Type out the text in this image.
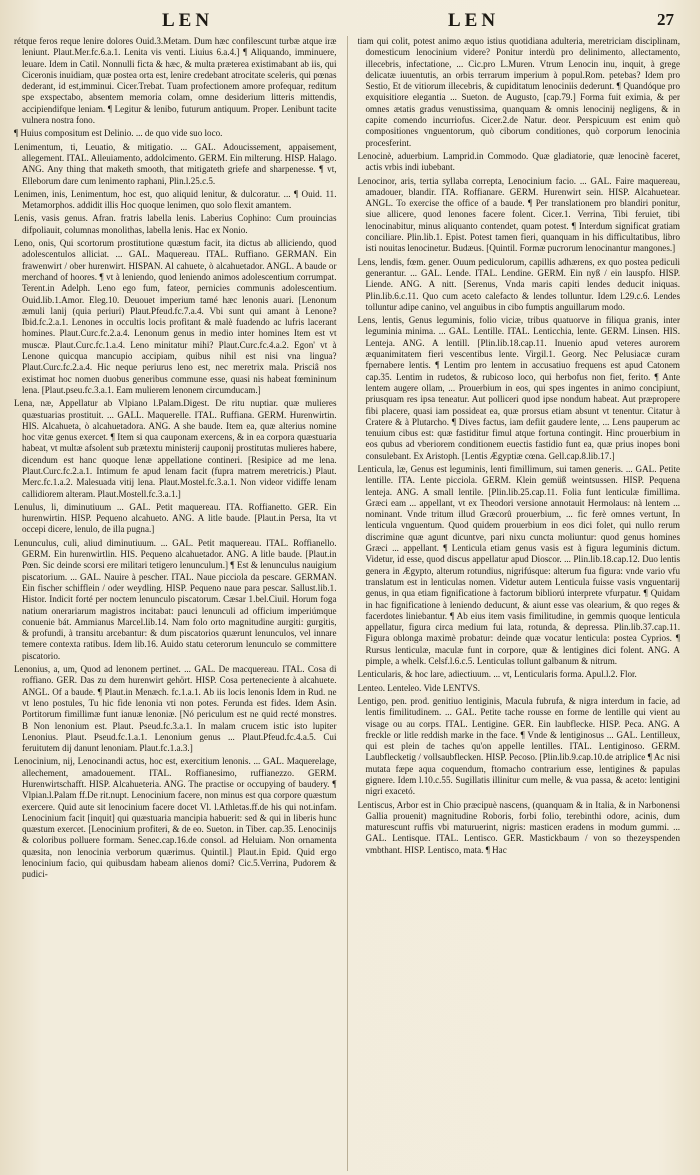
LEN	LEN	27

rétque feros reque lenire dolores Ouid.3.Metam. Dum hæc confilescunt turbæ atque iræ leniunt. Plaut.Mer.fc.6.a.1. Lenita vis venti. Liuius 6.a.4.] ¶ Aliquando, imminuere, leuare. Idem in Catil. Nonnulli ficta & hæc, & multa præterea existimabant ab iis, qui Ciceronis inuidiam, quæ postea orta est, lenire credebant atrocitate sceleris, qui pœnas dederant, id est,imminui. Cicer.Trebat. Tuam profectionem amore profequar, reditum spe exspectabo, absentem memoria colam, omne desiderium litteris mittendis, accipiendifque leniam. ¶ Legitur & lenibo, futurum antiquum. Proper. Lenibunt tacite vulnera nostra fono.

¶ Huius compositum est Delinio. ... de quo vide suo loco.

Lenimentum, ti, Leuatio, & mitigatio. ... GAL. Adoucissement, appaisement, allegement. ITAL. Alleuiamento, addolcimento. GERM. Ein milterung. HISP. Halago. ANG. Any thing that maketh smooth, that mitigateth griefe and sharpenesse. ¶ vt, Elleborum dare cum lenimento raphani, Plin.l.25.c.5.

Lenimen, inis, Lenimentum, hoc est, quo aliquid lenitur, & dulcoratur. ... ¶ Ouid. 11. Metamorphos. addidit illis Hoc quoque lenimen, quo solo flexit amantem.

Lenis, vasis genus. Afran. fratris labella lenis. Laberius Cophino: Cum prouincias difpoliauit, columnas monolithas, labella lenis. Hac ex Nonio.

Leno, onis, Qui scortorum prostitutione quæstum facit, ita dictus ab alliciendo, quod adolescentulos alliciat. ... GAL. Maquereau. ITAL. Ruffiano. GERMAN. Ein frawenwirt / ober hurenwirt. HISPAN. Al cahuete, ò alcahuetador. ANGL. A baude or merchand of hoores. ¶ vt à leniendo, quod leniendo animos adolescentium corrumpat. Terent.in Adelph. Leno ego fum, fateor, pernicies communis adolescentium. Ouid.lib.1.Amor. Eleg.10. Deuouet imperium tamé hæc lenonis auari. [Lenonum æmuli lanij (quia periuri) Plaut.Pfeud.fc.7.a.4. Vbi sunt qui amant à Lenone? Ibid.fc.2.a.1. Lenones in occultis locis profitant & malè fuadendo ac lufris lacerant homines. Plaut.Curc.fc.2.a.4. Lenonum genus in medio inter homines Item est vt muscæ. Plaut.Curc.fc.1.a.4. Leno minitatur mihi? Plaut.Curc.fc.4.a.2. Egon' vt à Lenone quicqua mancupio accipiam, quibus nihil est nisi vna lingua? Plaut.Curc.fc.2.a.4. Hic neque periurus leno est, nec meretrix mala. Prisciâ nos existimat hoc nomen duobus generibus commune esse, quasi nis habeat fœmininum lena. [Plaut.pseu.fc.3.a.1. Eam mulierem lenonem circumducam.]

Lena, næ, Appellatur ab Vlpiano l.Palam.Digest. De ritu nuptiar. quæ mulieres quæstuarias prostituit. ... GALL. Maquerelle. ITAL. Ruffiana. GERM. Hurenwirtin. HIS. Alcahueta, ò alcahuetadora. ANG. A she baude. Item ea, quæ alterius nomine hoc vitæ genus exercet. ¶ Item si qua cauponam exercens, & in ea corpora quæstuaria habeat, vt multæ afsolent sub prætextu ministerij cauponij prostitutas mulieres habere, dicendum est hanc quoque lenæ appellatione contineri. [Resipice ad me lena. Plaut.Curc.fc.2.a.1. Intimum fe apud lenam facit (fupra matrem meretricis.) Plaut. Merc.fc.1.a.2. Malesuada vitij lena. Plaut.Mostel.fc.3.a.1. Non videor vidiffe lenam callidiorem alteram. Plaut.Mostell.fc.3.a.1.]

Lenulus, li, diminutiuum ... GAL. Petit maquereau. ITA. Roffianetto. GER. Ein hurenwirtin. HISP. Pequeno alcahueto. ANG. A litle baude. [Plaut.in Persa, Ita vt occepi dicere, lenulo, de illa pugna.]

Lenunculus, culi, aliud diminutiuum. ... GAL. Petit maquereau. ITAL. Roffianello. GERM. Ein hurenwirtlin. HIS. Pequeno alcahuetador. ANG. A litle baude. [Plaut.in Pœn. Sic deinde scorsi ere militari tetigero lenunculum.] ¶ Est & lenunculus nauigium piscatorium. ... GAL. Nauire à pescher. ITAL. Naue picciola da pescare. GERMAN. Ein fischer schifflein / oder weydling. HISP. Pequeno naue para pescar. Sallust.lib.1. Histor. Indicit forté per noctem lenunculo piscatorum. Cæsar 1.bel.Ciuil. Horum foga natium onerariarum magistros incitabat: pauci lenunculi ad officium imperiúmque conuenie bát. Ammianus Marcel.lib.14. Nam folo orto magnitudine aurgiti: gurgitis, & profundi, à transitu arcebantur: & dum piscatorios quærunt lenunculos, vel innare temere contexta ratibus. Idem lib.16. Auido statu ceterorum lenunculo se committere piscatorio.

Lenonius, a, um, Quod ad lenonem pertinet. ... GAL. De macquereau. ITAL. Cosa di roffiano. GER. Das zu dem hurenwirt gehört. HISP. Cosa perteneciente à alcahuete. ANGL. Of a baude. ¶ Plaut.in Menæch. fc.1.a.1. Ab iis locis lenonis Idem in Rud. ne vt leno postules, Tu hic fide lenonia vti non potes. Ferunda est fides. Idem Asin. Portitorum fimillimæ funt ianuæ lenoniæ. [Nó periculum est ne quid recté monstres. B Non lenonium est. Plaut. Pseud.fc.3.a.1. In malam crucem istic isto lupiter Lenonius. Plaut. Pseud.fc.1.a.1. Lenonium genus ... Plaut.Pfeud.fc.4.a.5. Cui feruitutem dij danunt lenoniam. Plaut.fc.1.a.3.]

Lenocinium, nij, Lenocinandi actus, hoc est, exercitium lenonis. ... GAL. Maquerelage, allechement, amadouement. ITAL. Roffianesimo, ruffianezzo. GERM. Hurenwirtschafft. HISP. Alcahueteria. ANG. The practise or occupying of baudery. ¶ Vlpian.l.Palam ff.De rit.nupt. Lenocinium facere, non minus est qua corpore quæstum exercere. Quid aute sit lenocinium facere docet Vl. l.Athletas.ff.de his qui not.infam. Lenocinium facit [inquit] qui quæstuaria mancipia habuerit: sed & qui in liberis hunc quæstum exercet. [Lenocinium profiteri, & de eo. Sueton. in Tiber. cap.35. Lenocinijs & coloribus polluere formam. Senec.cap.16.de consol. ad Heluiam. Non ornamenta quæsita, non lenocinia verborum quærimus. Quintil.] Plaut.in Epid. Quid ergo lenocinium facio, qui quibusdam habeam alienos domi? Cic.5.Verrina, Pudorem & pudici-

tiam qui colit, potest animo æquo istius quotidiana adulteria, meretriciam disciplinam, domesticum lenocinium videre? Ponitur interdù pro delinimento, allectamento, illecebris, infectatione, ... Cic.pro L.Muren. Vtrum Lenocin inu, inquit, à grege delicatæ iuuentutis, an orbis terrarum imperium à popul.Rom. petebas? Idem pro Sestio, Et de vitiorum illecebris, & cupiditatum lenociniis dederunt. ¶ Quandóque pro exquisitiore elegantia ... Sueton. de Augusto, [cap.79.] Forma fuit eximia, & per omnes ætatis gradus venustissima, quanquam & omnis lenocinij negligens, & in capite comendo incurriofus. Cicer.2.de Natur. deor. Perspicuum est enim quò compositiones vnguentorum, quò ciborum conditiones, quò corporum lenocinia procesferint.

Lenocinè, aduerbium. Lamprid.in Commodo. Quæ gladiatorie, quæ lenocinè faceret, actis vrbis indi iubebant.

Lenocinor, aris, tertia syllaba correpta, Lenocinium facio. ... GAL. Faire maquereau, amadouer, blandir. ITA. Roffianare. GERM. Hurenwirt sein. HISP. Alcahuetear. ANGL. To exercise the office of a baude. ¶ Per translationem pro blandiri ponitur, siue allicere, quod lenones facere folent. Cicer.1. Verrina, Tibi feruiet, tibi lenocinabitur, minus aliquanto contendet, quam potest. ¶ Interdum significat gratiam conciliare. Plin.lib.1. Epist. Potest tamen fieri, quanquam in his difficultatibus, libro isti nouitas lenocinetur. Budæus. [Quintil. Formæ pucrorum lenocinantur mangones.]

Lens, lendis, fœm. gener. Ouum pediculorum, capillis adhærens, ex quo postea pediculi generantur. ... GAL. Lende. ITAL. Lendine. GERM. Ein nyß / ein lauspfo. HISP. Liende. ANG. A nitt. [Serenus, Vnda maris capiti lendes deducit iniquas. Plin.lib.6.c.11. Quo cum aceto calefacto & lendes tolluntur. Idem l.29.c.6. Lendes tolluntur adipe canino, vel anguibus in cibo fumptis anguillarum modo.

Lens, lentis, Genus leguminis, folio viciæ, tribus quatuorve in filiqua granis, inter leguminia minima. ... GAL. Lentille. ITAL. Lenticchia, lente. GERM. Linsen. HIS. Lenteja. ANG. A lentill. [Plin.lib.18.cap.11. Inuenio apud veteres aurorem æquanimitatem fieri vescentibus lente. Virgil.1. Georg. Nec Pelusiacæ curam fpernabere lentis. ¶ Lentim pro lentem in accusatiuo frequens est apud Catonem cap.35. Lentim in rudetos, & rubicoso loco, qui herbofus non fiet, ferito. ¶ Ante lentem augere ollam, ... Prouerbium in eos, qui spes ingentes in animo concipiunt, priusquam res ipsa teneatur. Aut polliceri quod ipse nondum habeat. Aut præpropere fibi placere, quasi iam possideat ea, quæ prorsus etiam absunt vt tenentur. Citatur à Cratere & à Plutarcho. ¶ Dives factus, iam defiit gaudere lente, ... Lens pauperum ac tenuium cibus est: quæ fastiditur fimul atque fortuna contingit. Hinc prouerbium in eos qubus ad vberiorem conditionem euectis fastidio funt ea, quæ prius inopes boni consulebant. Ex Aristoph. [Lentis Ægyptiæ cœna. Gell.cap.8.lib.17.]

Lenticula, læ, Genus est leguminis, lenti fimillimum, sui tamen generis. ... GAL. Petite lentille. ITA. Lente picciola. GERM. Klein gemüß weintsussen. HISP. Pequena lenteja. ANG. A small lentile. [Plin.lib.25.cap.11. Folia funt lenticulæ fimillima. Græci eam ... appellant, vt ex Theodori versione annotauit Hermolaus: nà lentem ... nominant. Vnde tritum illud Græcorû prouerbium, ... fic ferè omnes vertunt, In lenticula vnguentum. Quod quidem prouerbium in eos dici folet, qui nullo rerum discrimine quæ agunt dicuntve, pari nixu cuncta moliuntur: quod genus homines Græci ... appellant. ¶ Lenticula etiam genus vasis est à figura leguminis dictum. Videtur, id esse, quod discus appellatur apud Dioscor. ... Plin.lib.18.cap.12. Duo lentis genera in Ægypto, alterum rotundius, nigrifúsque: alterum fua figura: vnde vario vfu translatum est in lenticulas nomen. Videtur autem Lenticula fuisse vasis vnguentarij genus, in qua etiam fignificatione à factorum bibliorú interprete vfurpatur. ¶ Quidam in hac fignificatione à leniendo deducunt, & aiunt esse vas olearium, & quo reges & facerdotes liniebantur. ¶ Ab eius item vasis fimilitudine, in gemmis quoque lenticula appellatur, figura circa medium fui lata, rotunda, & depressa. Plin.lib.37.cap.11. Figura oblonga maximè probatur: deinde quæ vocatur lenticula: postea Cyprios. ¶ Rursus lenticulæ, maculæ funt in corpore, quæ & lentigines dici folent. ANG. A pimple, a whelk. Celsf.l.6.c.5. Lenticulas tollunt galbanum & nitrum.

Lenticularis, & hoc lare, adiectiuum. ... vt, Lenticularis forma. Apul.l.2. Flor.

Lenteo. Lenteleo. Vide LENTVS.

Lentigo, pen. prod. genitiuo lentiginis, Macula fubrufa, & nigra interdum in facie, ad lentis fimilitudinem. ... GAL. Petite tache rousse en forme de lentille qui vient au visage ou au corps. ITAL. Lentigine. GER. Ein laubflecke. HISP. Peca. ANG. A freckle or litle reddish marke in the face. ¶ Vnde & lentiginosus ... GAL. Lentilleux, qui est plein de taches qu'on appelle lentilles. ITAL. Lentiginoso. GERM. Laubflecketig / vollsaubflecken. HISP. Pecoso. [Plin.lib.9.cap.10.de atriplice ¶ Ac nisi mutata fæpe aqua coquendum, ftomacho contrarium esse, lentigines & papulas gignere. Idem l.10.c.55. Sugillatis illinitur cum melle, & vua passa, & aceto: lentigini nigri exacetó.

Lentiscus, Arbor est in Chio præcipuè nascens, (quanquam & in Italia, & in Narbonensi Gallia prouenit) magnitudine Roboris, forbi folio, terebinthi odore, acinis, dum maturescunt ruffis vbi maturuerint, nigris: masticen eradens in modum gummi. ... GAL. Lentisque. ITAL. Lentisco. GER. Mastickbaum / von so thezeyspenden vmbthant. HISP. Lentisco, mata. ¶ Hac
